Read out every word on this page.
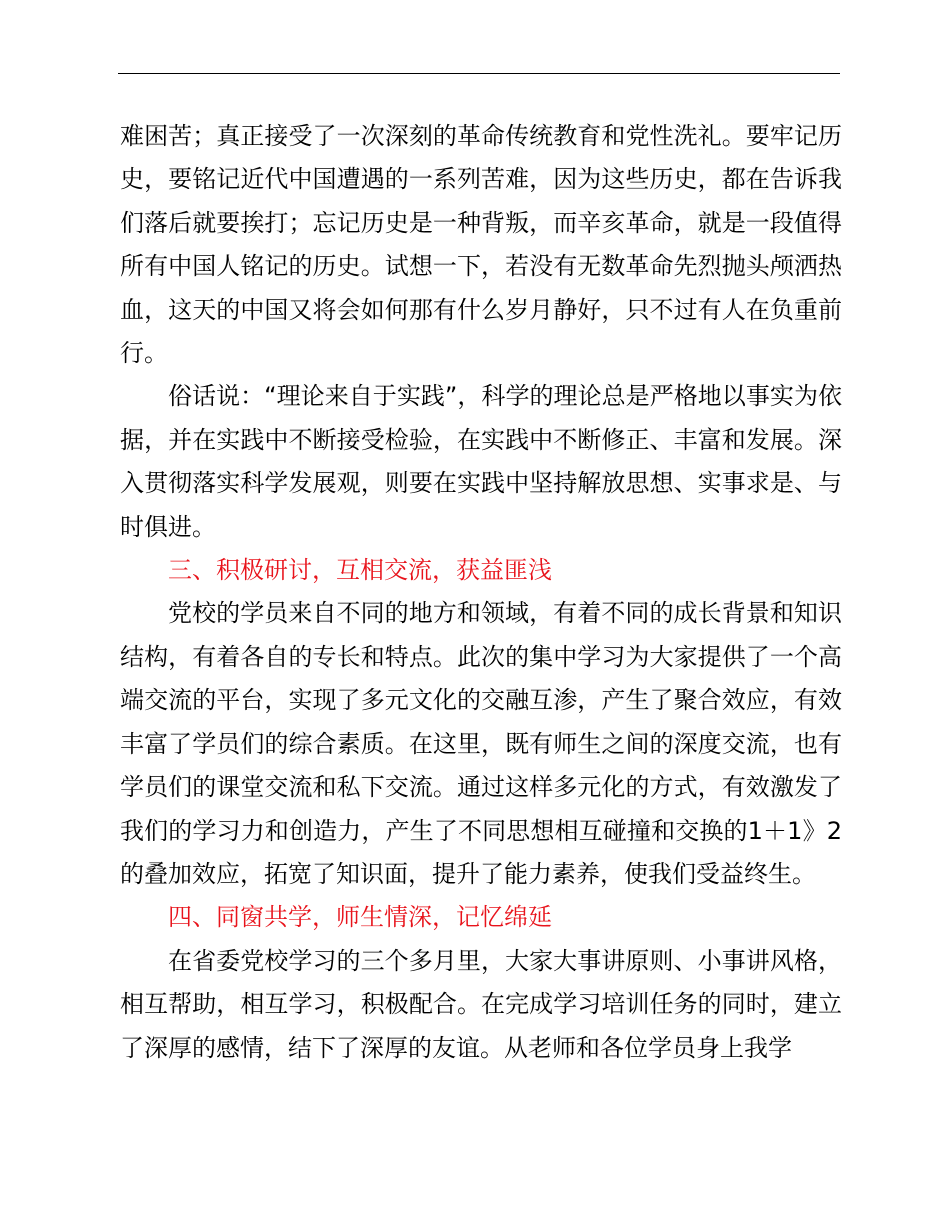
难困苦；真正接受了一次深刻的革命传统教育和党性洗礼。要牢记历史，要铭记近代中国遭遇的一系列苦难，因为这些历史，都在告诉我们落后就要挨打；忘记历史是一种背叛，而辛亥革命，就是一段值得所有中国人铭记的历史。试想一下，若没有无数革命先烈抛头颅洒热血，这天的中国又将会如何那有什么岁月静好，只不过有人在负重前行。

俗话说：“理论来自于实践”，科学的理论总是严格地以事实为依据，并在实践中不断接受检验，在实践中不断修正、丰富和发展。深入贯彻落实科学发展观，则要在实践中坚持解放思想、实事求是、与时俱进。

三、积极研讨，互相交流，获益匪浅

党校的学员来自不同的地方和领域，有着不同的成长背景和知识结构，有着各自的专长和特点。此次的集中学习为大家提供了一个高端交流的平台，实现了多元文化的交融互渗，产生了聚合效应，有效丰富了学员们的综合素质。在这里，既有师生之间的深度交流，也有学员们的课堂交流和私下交流。通过这样多元化的方式，有效激发了我们的学习力和创造力，产生了不同思想相互碰撞和交换的1＋1》2的叠加效应，拓宽了知识面，提升了能力素养，使我们受益终生。

四、同窗共学，师生情深，记忆绵延

在省委党校学习的三个多月里，大家大事讲原则、小事讲风格，相互帮助，相互学习，积极配合。在完成学习培训任务的同时，建立了深厚的感情，结下了深厚的友谊。从老师和各位学员身上我学
